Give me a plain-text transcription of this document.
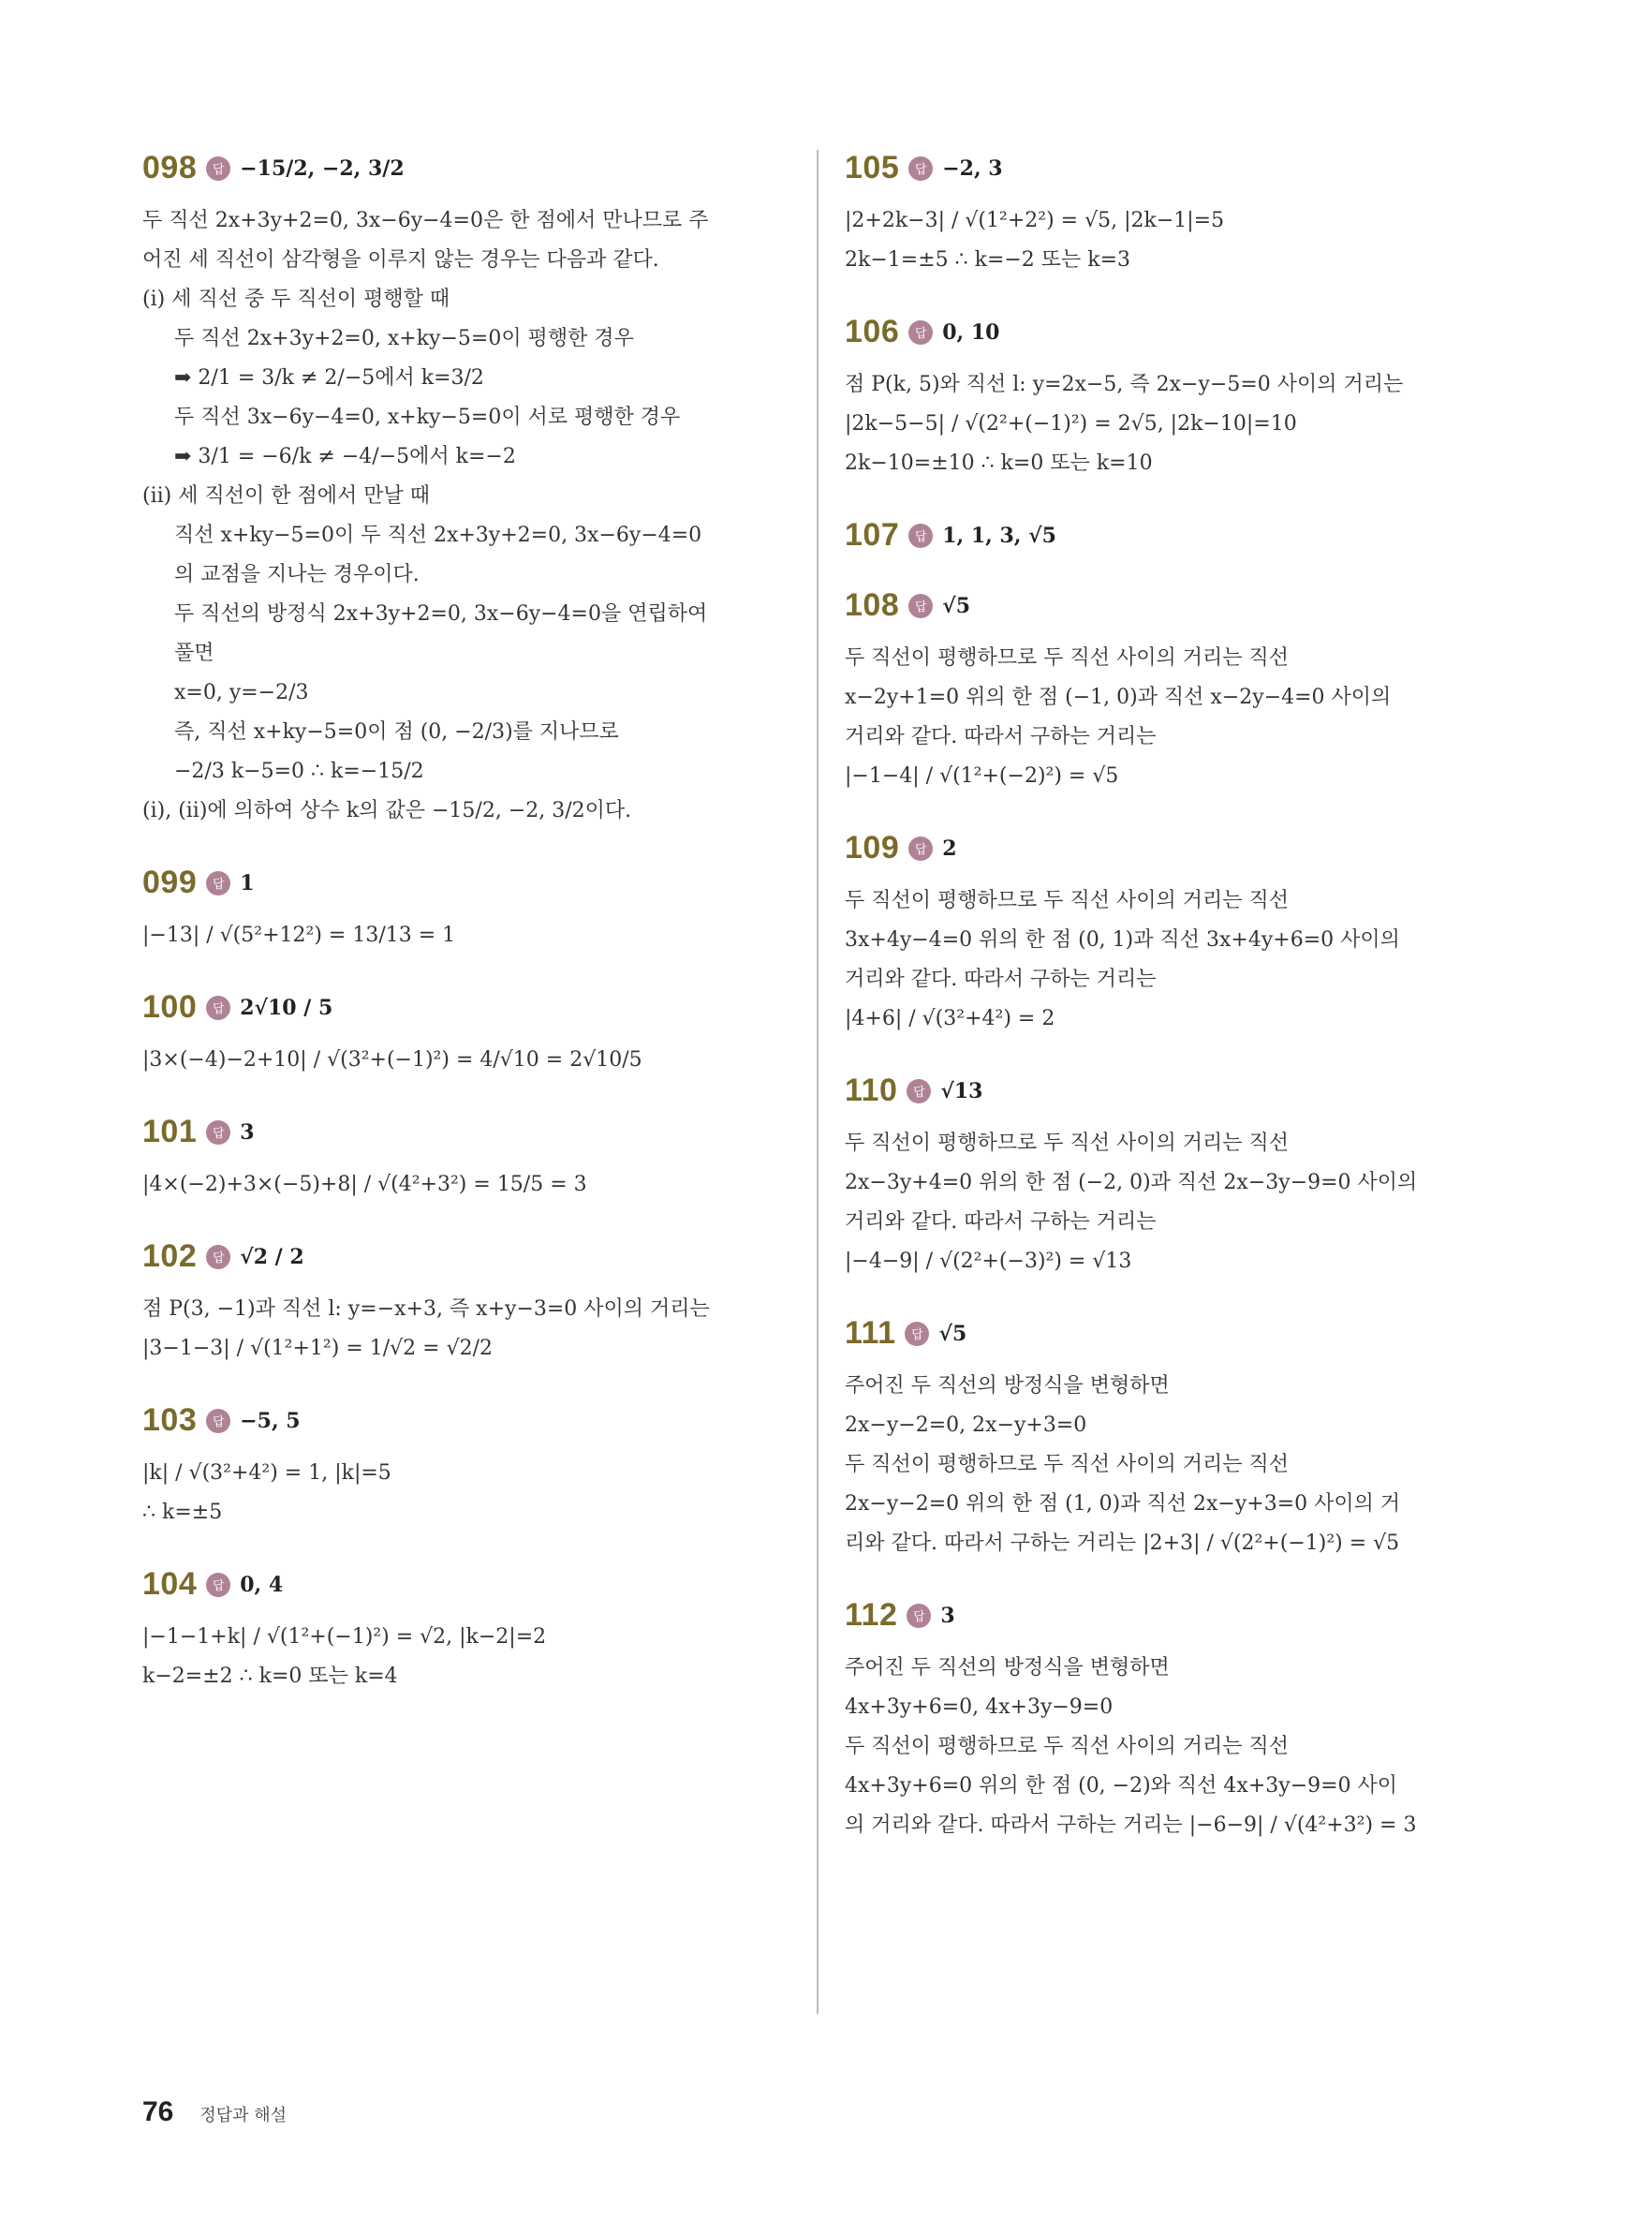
098	답 −15/2, −2, 3/2
두 직선 2x+3y+2=0, 3x−6y−4=0은 한 점에서 만나므로 주
어진 세 직선이 삼각형을 이루지 않는 경우는 다음과 같다.
(i) 세 직선 중 두 직선이 평행할 때
두 직선 2x+3y+2=0, x+ky−5=0이 평행한 경우
➡ 2/1 = 3/k ≠ 2/−5에서 k=3/2
두 직선 3x−6y−4=0, x+ky−5=0이 서로 평행한 경우
➡ 3/1 = −6/k ≠ −4/−5에서 k=−2
(ii) 세 직선이 한 점에서 만날 때
직선 x+ky−5=0이 두 직선 2x+3y+2=0, 3x−6y−4=0
의 교점을 지나는 경우이다.
두 직선의 방정식 2x+3y+2=0, 3x−6y−4=0을 연립하여
풀면
x=0, y=−2/3
즉, 직선 x+ky−5=0이 점 (0, −2/3)를 지나므로
−2/3 k−5=0 ∴ k=−15/2
(i), (ii)에 의하여 상수 k의 값은 −15/2, −2, 3/2이다.
099	답 1
|−13| / √(5²+12²) = 13/13 = 1
100	답 2√10 / 5
|3×(−4)−2+10| / √(3²+(−1)²) = 4/√10 = 2√10/5
101	답 3
|4×(−2)+3×(−5)+8| / √(4²+3²) = 15/5 = 3
102	답 √2 / 2
점 P(3, −1)과 직선 l: y=−x+3, 즉 x+y−3=0 사이의 거리는
|3−1−3| / √(1²+1²) = 1/√2 = √2/2
103	답 −5, 5
|k| / √(3²+4²) = 1, |k|=5
∴ k=±5
104	답 0, 4
|−1−1+k| / √(1²+(−1)²) = √2, |k−2|=2
k−2=±2 ∴ k=0 또는 k=4
105	답 −2, 3
|2+2k−3| / √(1²+2²) = √5, |2k−1|=5
2k−1=±5 ∴ k=−2 또는 k=3
106	답 0, 10
점 P(k, 5)와 직선 l: y=2x−5, 즉 2x−y−5=0 사이의 거리는
|2k−5−5| / √(2²+(−1)²) = 2√5, |2k−10|=10
2k−10=±10 ∴ k=0 또는 k=10
107	답 1, 1, 3, √5
108	답 √5
두 직선이 평행하므로 두 직선 사이의 거리는 직선
x−2y+1=0 위의 한 점 (−1, 0)과 직선 x−2y−4=0 사이의
거리와 같다. 따라서 구하는 거리는
|−1−4| / √(1²+(−2)²) = √5
109	답 2
두 직선이 평행하므로 두 직선 사이의 거리는 직선
3x+4y−4=0 위의 한 점 (0, 1)과 직선 3x+4y+6=0 사이의
거리와 같다. 따라서 구하는 거리는
|4+6| / √(3²+4²) = 2
110	답 √13
두 직선이 평행하므로 두 직선 사이의 거리는 직선
2x−3y+4=0 위의 한 점 (−2, 0)과 직선 2x−3y−9=0 사이의
거리와 같다. 따라서 구하는 거리는
|−4−9| / √(2²+(−3)²) = √13
111	답 √5
주어진 두 직선의 방정식을 변형하면
2x−y−2=0, 2x−y+3=0
두 직선이 평행하므로 두 직선 사이의 거리는 직선
2x−y−2=0 위의 한 점 (1, 0)과 직선 2x−y+3=0 사이의 거
리와 같다. 따라서 구하는 거리는 |2+3| / √(2²+(−1)²) = √5
112	답 3
주어진 두 직선의 방정식을 변형하면
4x+3y+6=0, 4x+3y−9=0
두 직선이 평행하므로 두 직선 사이의 거리는 직선
4x+3y+6=0 위의 한 점 (0, −2)와 직선 4x+3y−9=0 사이
의 거리와 같다. 따라서 구하는 거리는 |−6−9| / √(4²+3²) = 3
76 정답과 해설
